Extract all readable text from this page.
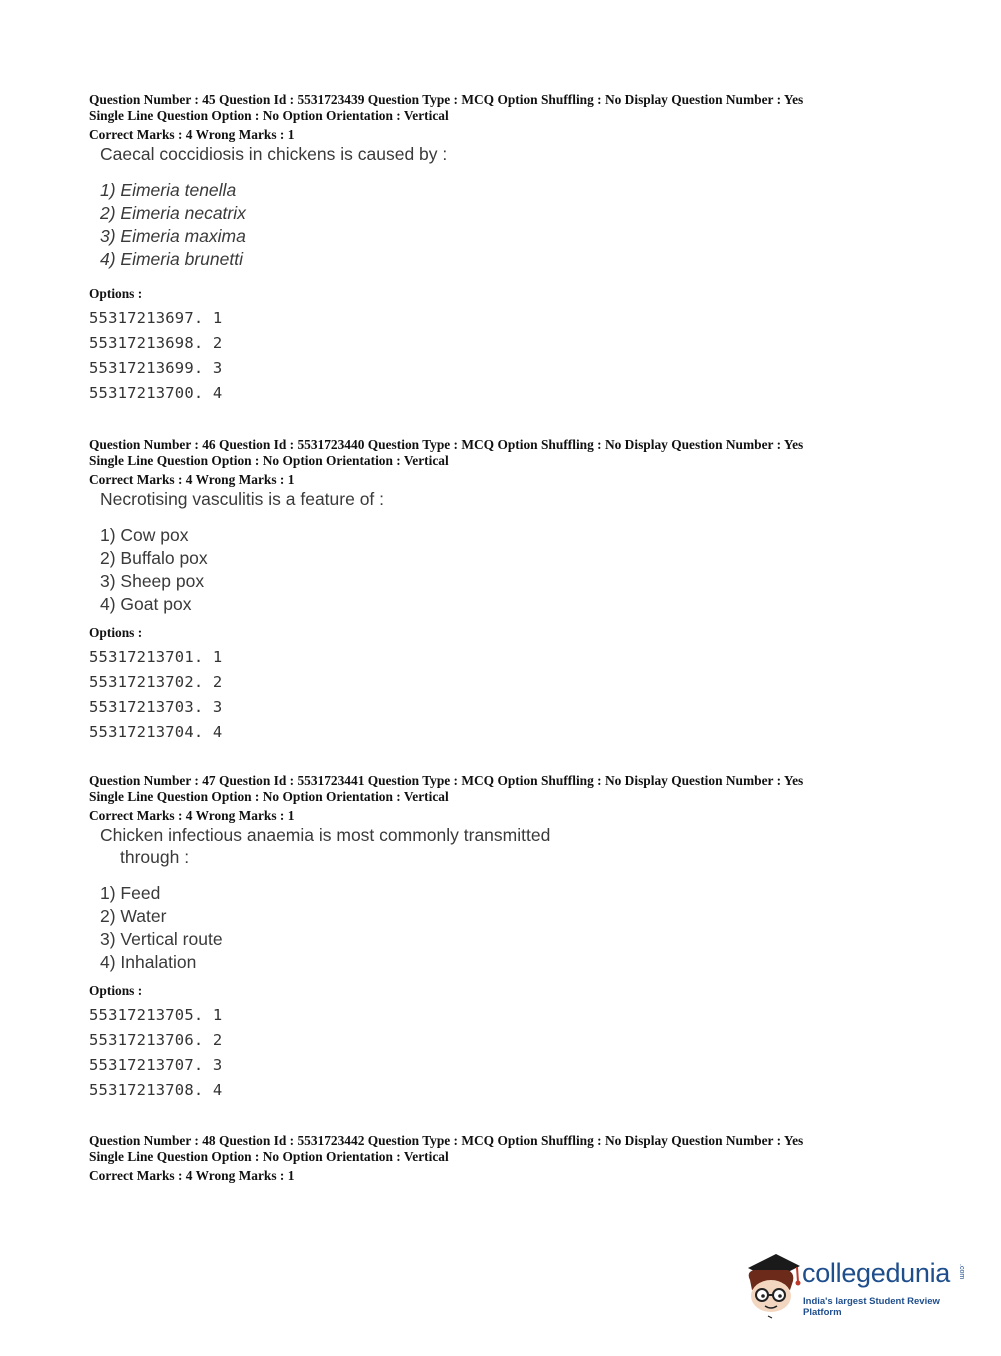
Question Number : 45 Question Id : 5531723439 Question Type : MCQ Option Shuffling : No Display Question Number : Yes
Single Line Question Option : No Option Orientation : Vertical
Correct Marks : 4 Wrong Marks : 1
Caecal coccidiosis in chickens is caused by :
1) Eimeria tenella
2) Eimeria necatrix
3) Eimeria maxima
4) Eimeria brunetti
Options :
55317213697. 1
55317213698. 2
55317213699. 3
55317213700. 4
Question Number : 46 Question Id : 5531723440 Question Type : MCQ Option Shuffling : No Display Question Number : Yes
Single Line Question Option : No Option Orientation : Vertical
Correct Marks : 4 Wrong Marks : 1
Necrotising vasculitis is a feature of :
1) Cow pox
2) Buffalo pox
3) Sheep pox
4) Goat pox
Options :
55317213701. 1
55317213702. 2
55317213703. 3
55317213704. 4
Question Number : 47 Question Id : 5531723441 Question Type : MCQ Option Shuffling : No Display Question Number : Yes
Single Line Question Option : No Option Orientation : Vertical
Correct Marks : 4 Wrong Marks : 1
Chicken infectious anaemia is most commonly transmitted
through :
1) Feed
2) Water
3) Vertical route
4) Inhalation
Options :
55317213705. 1
55317213706. 2
55317213707. 3
55317213708. 4
Question Number : 48 Question Id : 5531723442 Question Type : MCQ Option Shuffling : No Display Question Number : Yes
Single Line Question Option : No Option Orientation : Vertical
Correct Marks : 4 Wrong Marks : 1
collegedunia .com
India's largest Student Review Platform
